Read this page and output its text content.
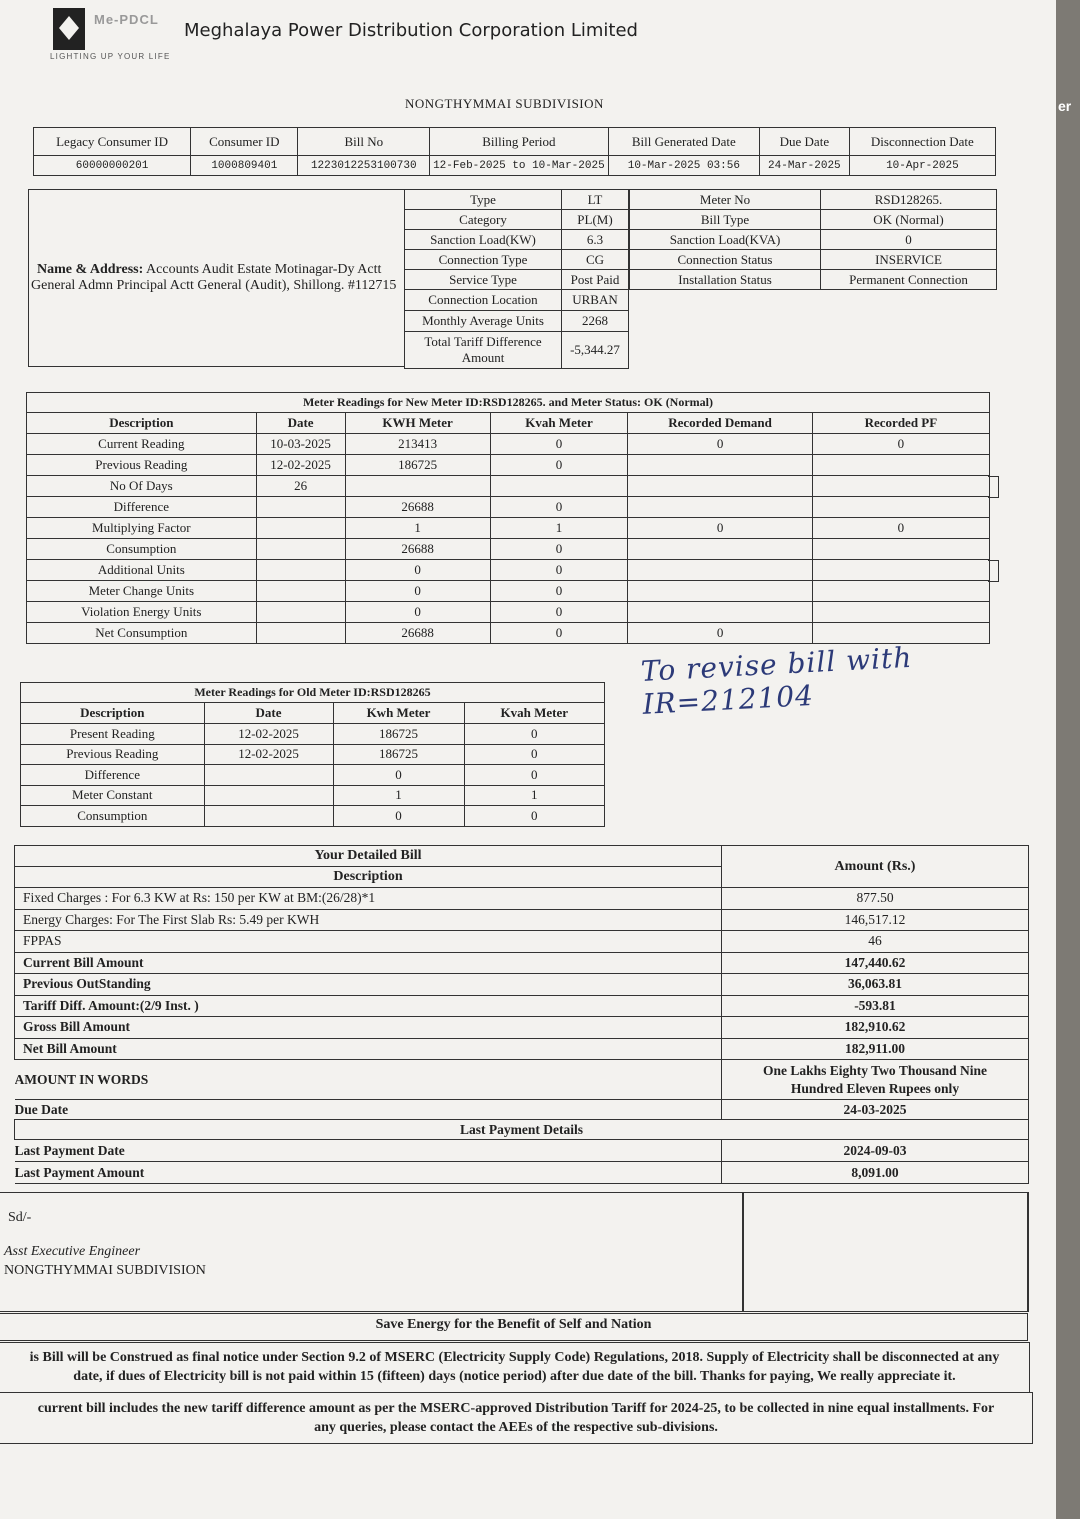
Me-PDCL
LIGHTING UP YOUR LIFE
Meghalaya Power Distribution Corporation Limited
NONGTHYMMAI SUBDIVISION
Legacy Consumer ID	Consumer ID	Bill No	Billing Period	Bill Generated Date	Due Date	Disconnection Date
60000000201	1000809401	1223012253100730	12-Feb-2025 to 10-Mar-2025	10-Mar-2025 03:56	24-Mar-2025	10-Apr-2025
Name & Address: Accounts Audit Estate Motinagar-Dy Actt
General Admn Principal Actt General (Audit), Shillong. #112715
Type	LT
Category	PL(M)
Sanction Load(KW)	6.3
Connection Type	CG
Service Type	Post Paid
Connection Location	URBAN
Monthly Average Units	2268
Total Tariff Difference Amount	-5,344.27
Meter No	RSD128265.
Bill Type	OK (Normal)
Sanction Load(KVA)	0
Connection Status	INSERVICE
Installation Status	Permanent Connection
Meter Readings for New Meter ID:RSD128265. and Meter Status: OK (Normal)					
Description	Date	KWH Meter	Kvah Meter	Recorded Demand	Recorded PF
Current Reading	10-03-2025	213413	0	0	0
Previous Reading	12-02-2025	186725	0		
No Of Days	26				
Difference		26688	0		
Multiplying Factor		1	1	0	0
Consumption		26688	0		
Additional Units		0	0		
Meter Change Units		0	0		
Violation Energy Units		0	0		
Net Consumption		26688	0	0	
To revise bill with IR=212104
Meter Readings for Old Meter ID:RSD128265			
Description	Date	Kwh Meter	Kvah Meter
Present Reading	12-02-2025	186725	0
Previous Reading	12-02-2025	186725	0
Difference		0	0
Meter Constant		1	1
Consumption		0	0
Your Detailed Bill	Amount (Rs.)
Description	
Fixed Charges : For 6.3 KW at Rs: 150 per KW at BM:(26/28)*1	877.50
Energy Charges: For The First Slab Rs: 5.49 per KWH	146,517.12
FPPAS	46
Current Bill Amount	147,440.62
Previous OutStanding	36,063.81
Tariff Diff. Amount:(2/9 Inst. )	-593.81
Gross Bill Amount	182,910.62
Net Bill Amount	182,911.00
AMOUNT IN WORDS	One Lakhs Eighty Two Thousand Nine
Hundred Eleven Rupees only

Due Date	24-03-2025
Last Payment Details	
Last Payment Date	2024-09-03
Last Payment Amount	8,091.00
Sd/-
Asst Executive Engineer
NONGTHYMMAI SUBDIVISION
Save Energy for the Benefit of Self and Nation
is Bill will be Construed as final notice under Section 9.2 of MSERC (Electricity Supply Code) Regulations, 2018. Supply of Electricity shall be disconnected at any
date, if dues of Electricity bill is not paid within 15 (fifteen) days (notice period) after due date of the bill. Thanks for paying, We really appreciate it.
current bill includes the new tariff difference amount as per the MSERC-approved Distribution Tariff for 2024-25, to be collected in nine equal installments. For
any queries, please contact the AEEs of the respective sub-divisions.
er
